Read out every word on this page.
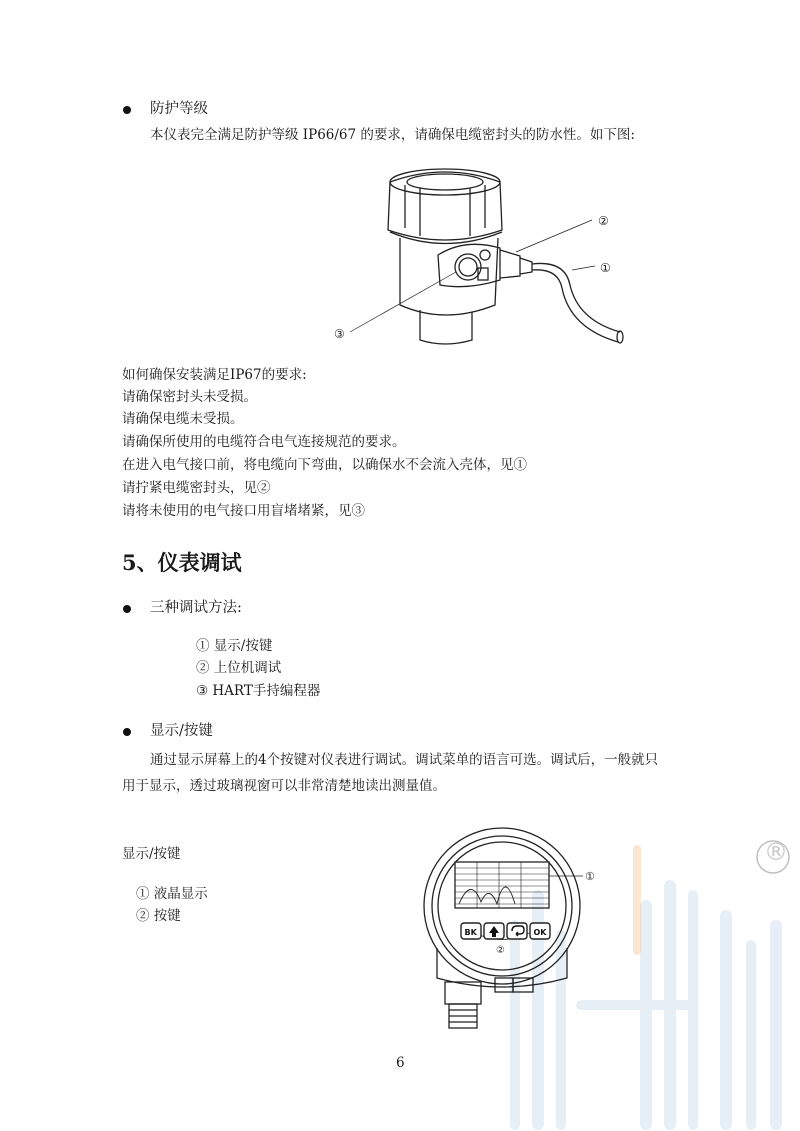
®
防护等级
本仪表完全满足防护等级 IP66/67 的要求，请确保电缆密封头的防水性。如下图:
②
①
③
如何确保安装满足IP67的要求:
请确保密封头未受损。
请确保电缆未受损。
请确保所使用的电缆符合电气连接规范的要求。
在进入电气接口前，将电缆向下弯曲，以确保水不会流入壳体，见①
请拧紧电缆密封头，见②
请将未使用的电气接口用盲堵堵紧，见③
5、仪表调试
三种调试方法:
① 显示/按键
② 上位机调试
③ HART手持编程器
显示/按键
通过显示屏幕上的4个按键对仪表进行调试。调试菜单的语言可选。调试后，一般就只
用于显示，透过玻璃视窗可以非常清楚地读出测量值。
显示/按键
① 液晶显示
② 按键
BK	OK
①
②
6
